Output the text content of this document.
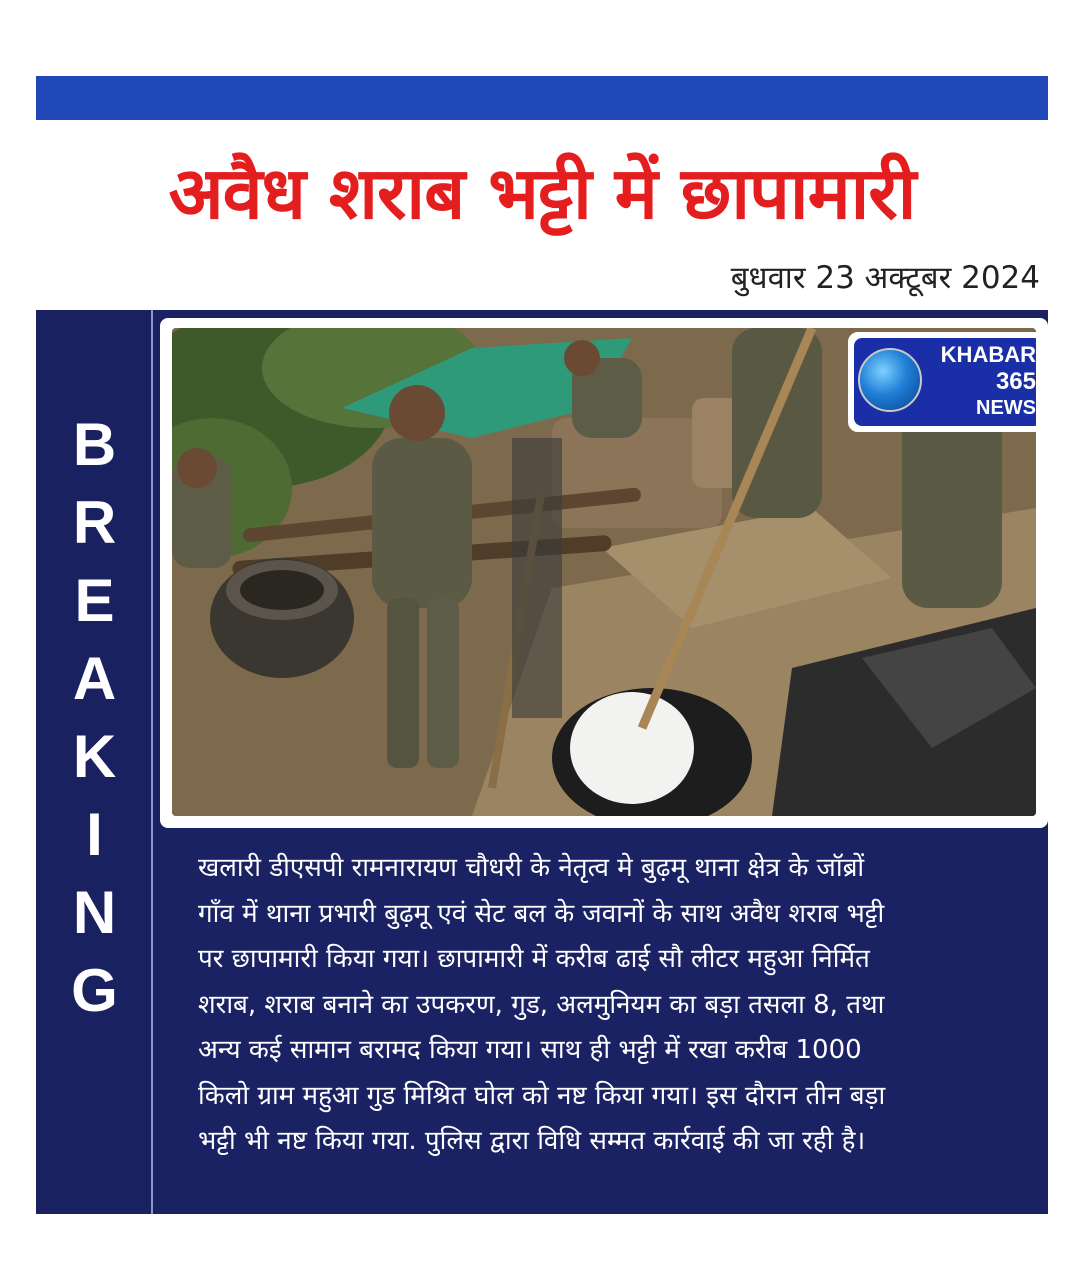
अवैध शराब भट्टी में छापामारी
बुधवार 23 अक्टूबर 2024
B
R
E
A
K
I
N
G
KHABAR
365
NEWS
खलारी डीएसपी रामनारायण चौधरी के नेतृत्व मे बुढ़मू थाना क्षेत्र के जॉब्रों
गाँव में थाना प्रभारी बुढ़मू एवं सेट बल के जवानों के साथ अवैध शराब भट्टी
पर छापामारी किया गया। छापामारी में करीब ढाई सौ लीटर महुआ निर्मित
शराब, शराब बनाने का उपकरण, गुड, अलमुनियम का बड़ा तसला 8, तथा
अन्य कई सामान बरामद किया गया। साथ ही भट्टी में रखा करीब 1000
किलो ग्राम महुआ गुड मिश्रित घोल को नष्ट किया गया। इस दौरान तीन बड़ा
भट्टी भी नष्ट किया गया. पुलिस द्वारा विधि सम्मत कार्रवाई की जा रही है।
